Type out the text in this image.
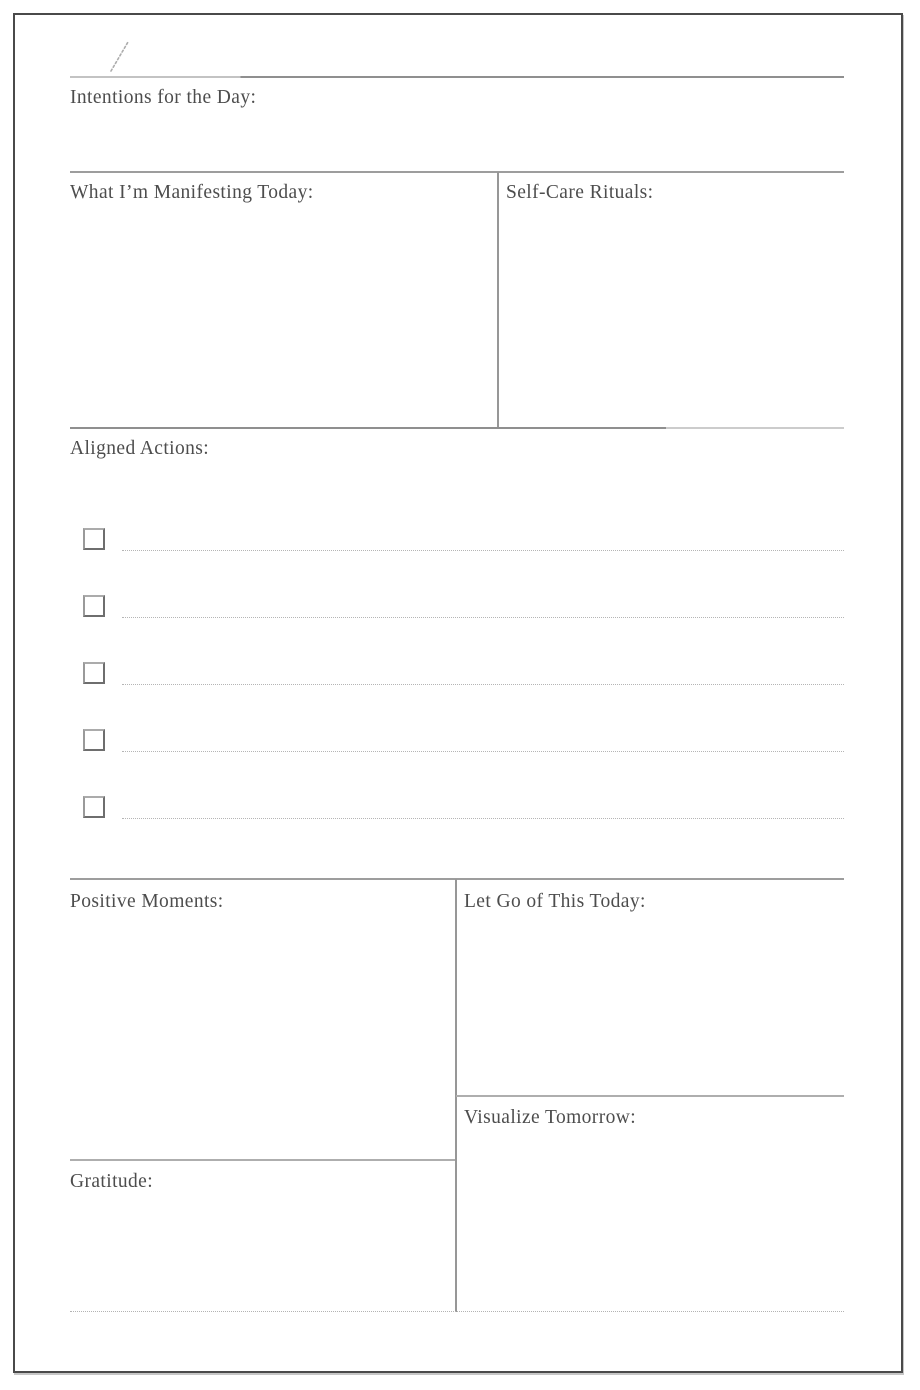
Intentions for the Day:
What I’m Manifesting Today:	Self-Care Rituals:
Aligned Actions:
Positive Moments:	Let Go of This Today:
Visualize Tomorrow:
Gratitude:
